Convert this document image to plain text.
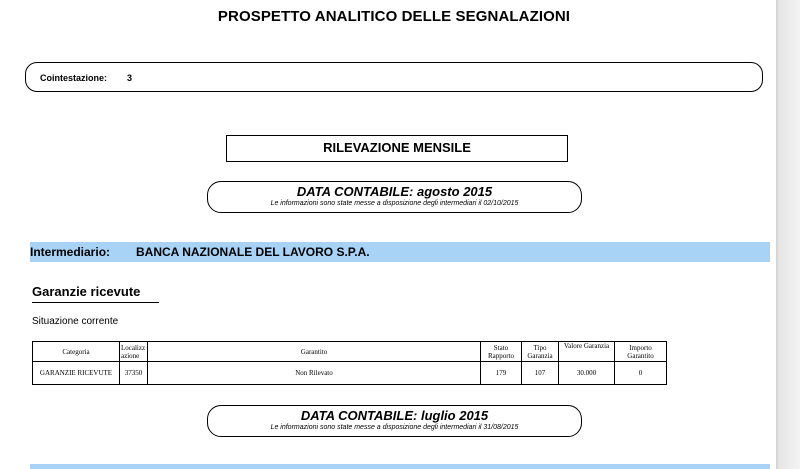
PROSPETTO ANALITICO DELLE SEGNALAZIONI
Cointestazione: 3
RILEVAZIONE MENSILE
DATA CONTABILE: agosto 2015
Le informazioni sono state messe a disposizione degli intermediari il 02/10/2015
Intermediario: BANCA NAZIONALE DEL LAVORO S.P.A.
Garanzie ricevute
Situazione corrente
Categoria	Localizzazione	Garantito	Stato Rapporto	Tipo Garanzia	Valore Garanzia	Importo Garantito
GARANZIE RICEVUTE	37350	Non Rilevato	179	107	30.000	0
DATA CONTABILE: luglio 2015
Le informazioni sono state messe a disposizione degli intermediari il 31/08/2015
